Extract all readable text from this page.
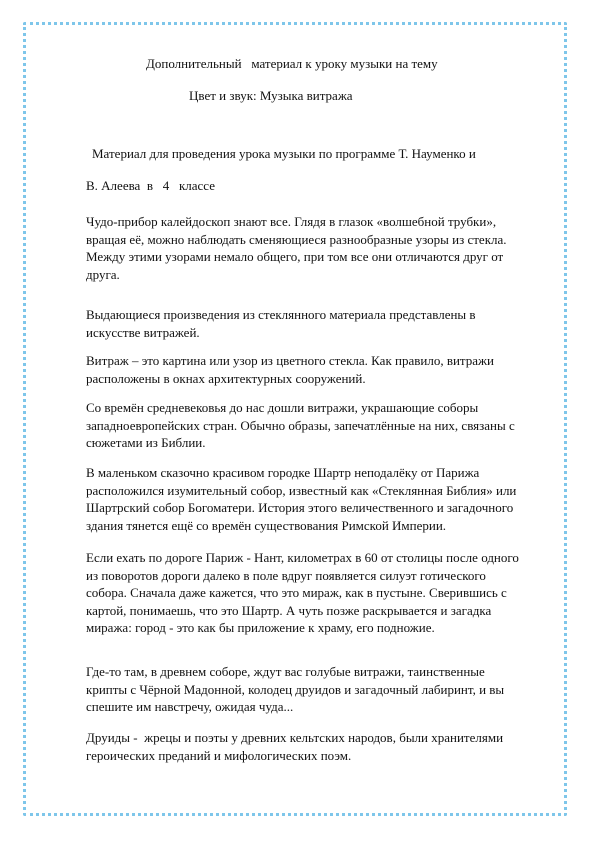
Дополнительный   материал к уроку музыки на тему
Цвет и звук: Музыка витража
Материал для проведения урока музыки по программе Т. Науменко и
В. Алеева  в   4   классе
Чудо-прибор калейдоскоп знают все. Глядя в глазок «волшебной трубки»,
вращая её, можно наблюдать сменяющиеся разнообразные узоры из стекла.
Между этими узорами немало общего, при том все они отличаются друг от
друга.
Выдающиеся произведения из стеклянного материала представлены в
искусстве витражей.
Витраж – это картина или узор из цветного стекла. Как правило, витражи
расположены в окнах архитектурных сооружений.
Со времён средневековья до нас дошли витражи, украшающие соборы
западноевропейских стран. Обычно образы, запечатлённые на них, связаны с
сюжетами из Библии.
В маленьком сказочно красивом городке Шартр неподалёку от Парижа
расположился изумительный собор, известный как «Стеклянная Библия» или
Шартрский собор Богоматери. История этого величественного и загадочного
здания тянется ещё со времён существования Римской Империи.
Если ехать по дороге Париж - Нант, километрах в 60 от столицы после одного
из поворотов дороги далеко в поле вдруг появляется силуэт готического
собора. Сначала даже кажется, что это мираж, как в пустыне. Сверившись с
картой, понимаешь, что это Шартр. А чуть позже раскрывается и загадка
миража: город - это как бы приложение к храму, его подножие.
Где-то там, в древнем соборе, ждут вас голубые витражи, таинственные
крипты с Чёрной Мадонной, колодец друидов и загадочный лабиринт, и вы
спешите им навстречу, ожидая чуда...
Друиды -  жрецы и поэты у древних кельтских народов, были хранителями
героических преданий и мифологических поэм.
